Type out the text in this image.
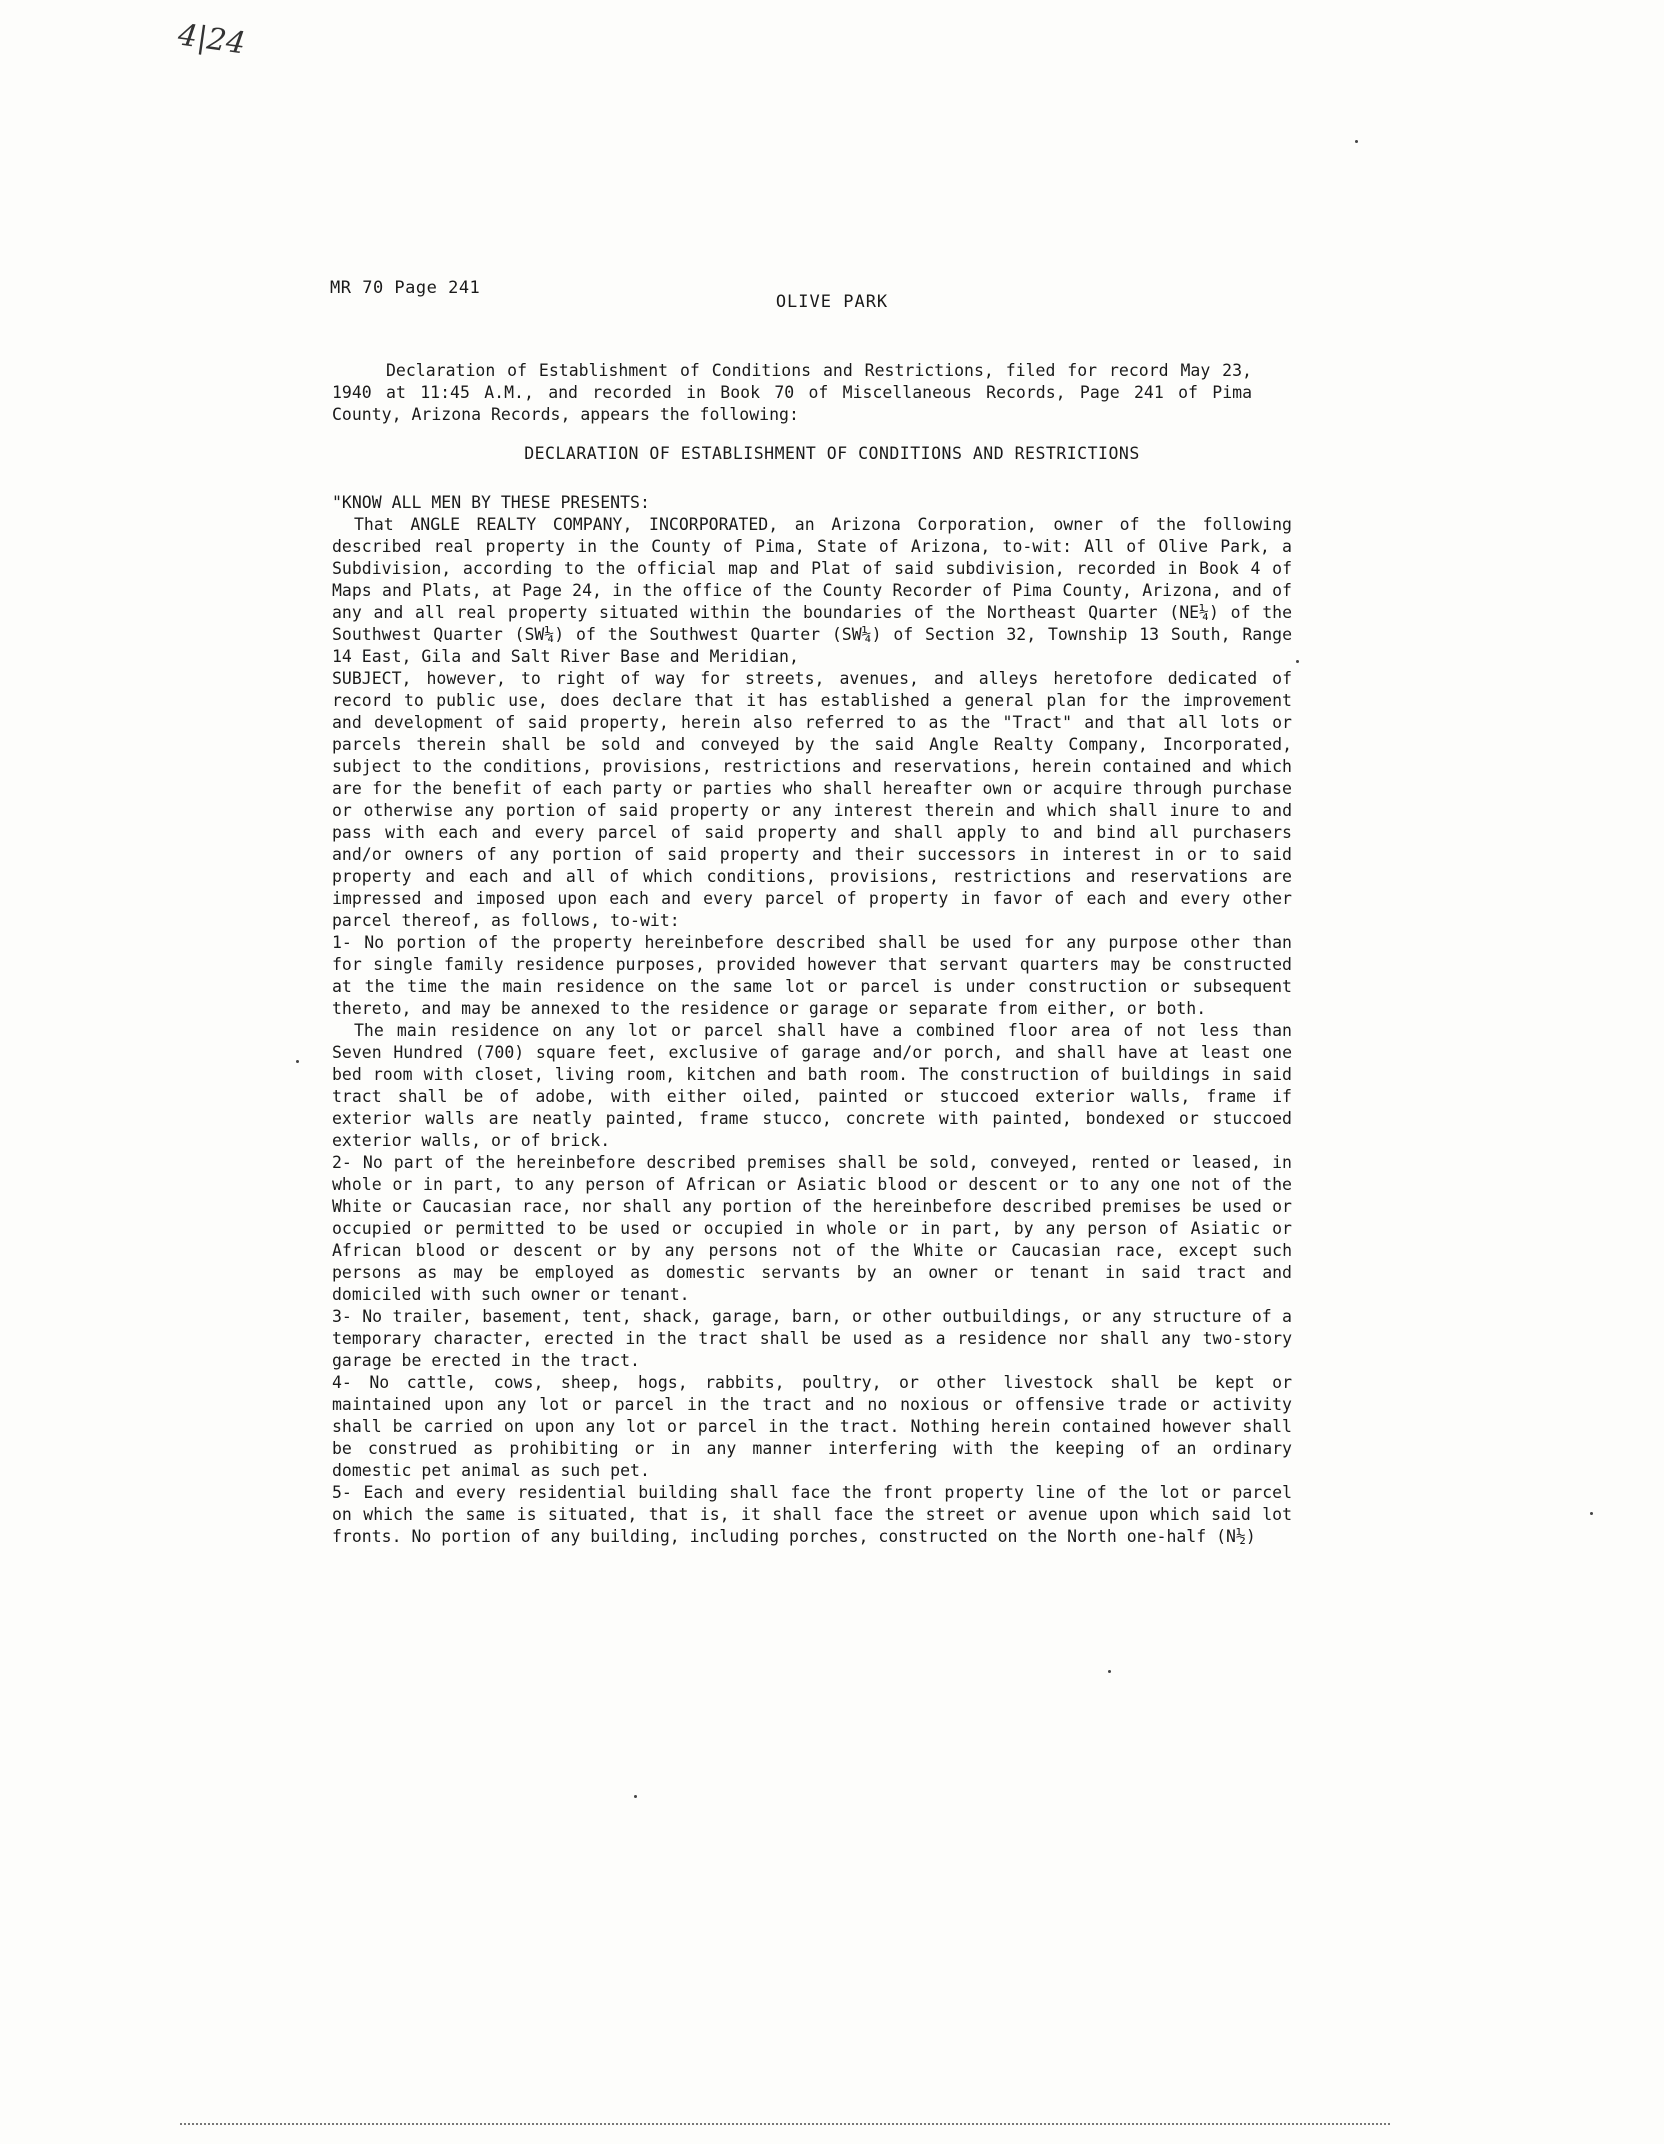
4|24
MR 70 Page 241
OLIVE PARK

Declaration of Establishment of Conditions and Restrictions, filed for record May 23, 1940 at 11:45 A.M., and recorded in Book 70 of Miscellaneous Records, Page 241 of Pima County, Arizona Records, appears the following:

DECLARATION OF ESTABLISHMENT OF CONDITIONS AND RESTRICTIONS

"KNOW ALL MEN BY THESE PRESENTS:

That ANGLE REALTY COMPANY, INCORPORATED, an Arizona Corporation, owner of the following described real property in the County of Pima, State of Arizona, to-wit: All of Olive Park, a Subdivision, according to the official map and Plat of said subdivision, recorded in Book 4 of Maps and Plats, at Page 24, in the office of the County Recorder of Pima County, Arizona, and of any and all real property situated within the boundaries of the Northeast Quarter (NE¼) of the Southwest Quarter (SW¼) of the Southwest Quarter (SW¼) of Section 32, Township 13 South, Range 14 East, Gila and Salt River Base and Meridian,

SUBJECT, however, to right of way for streets, avenues, and alleys heretofore dedicated of record to public use, does declare that it has established a general plan for the improvement and development of said property, herein also referred to as the "Tract" and that all lots or parcels therein shall be sold and conveyed by the said Angle Realty Company, Incorporated, subject to the conditions, provisions, restrictions and reservations, herein contained and which are for the benefit of each party or parties who shall hereafter own or acquire through purchase or otherwise any portion of said property or any interest therein and which shall inure to and pass with each and every parcel of said property and shall apply to and bind all purchasers and/or owners of any portion of said property and their successors in interest in or to said property and each and all of which conditions, provisions, restrictions and reservations are impressed and imposed upon each and every parcel of property in favor of each and every other parcel thereof, as follows, to-wit:

1- No portion of the property hereinbefore described shall be used for any purpose other than for single family residence purposes, provided however that servant quarters may be constructed at the time the main residence on the same lot or parcel is under construction or subsequent thereto, and may be annexed to the residence or garage or separate from either, or both.

The main residence on any lot or parcel shall have a combined floor area of not less than Seven Hundred (700) square feet, exclusive of garage and/or porch, and shall have at least one bed room with closet, living room, kitchen and bath room. The construction of buildings in said tract shall be of adobe, with either oiled, painted or stuccoed exterior walls, frame if exterior walls are neatly painted, frame stucco, concrete with painted, bondexed or stuccoed exterior walls, or of brick.

2- No part of the hereinbefore described premises shall be sold, conveyed, rented or leased, in whole or in part, to any person of African or Asiatic blood or descent or to any one not of the White or Caucasian race, nor shall any portion of the hereinbefore described premises be used or occupied or permitted to be used or occupied in whole or in part, by any person of Asiatic or African blood or descent or by any persons not of the White or Caucasian race, except such persons as may be employed as domestic servants by an owner or tenant in said tract and domiciled with such owner or tenant.

3- No trailer, basement, tent, shack, garage, barn, or other outbuildings, or any structure of a temporary character, erected in the tract shall be used as a residence nor shall any two-story garage be erected in the tract.

4- No cattle, cows, sheep, hogs, rabbits, poultry, or other livestock shall be kept or maintained upon any lot or parcel in the tract and no noxious or offensive trade or activity shall be carried on upon any lot or parcel in the tract. Nothing herein contained however shall be construed as prohibiting or in any manner interfering with the keeping of an ordinary domestic pet animal as such pet.

5- Each and every residential building shall face the front property line of the lot or parcel on which the same is situated, that is, it shall face the street or avenue upon which said lot fronts. No portion of any building, including porches, constructed on the North one-half (N½)
